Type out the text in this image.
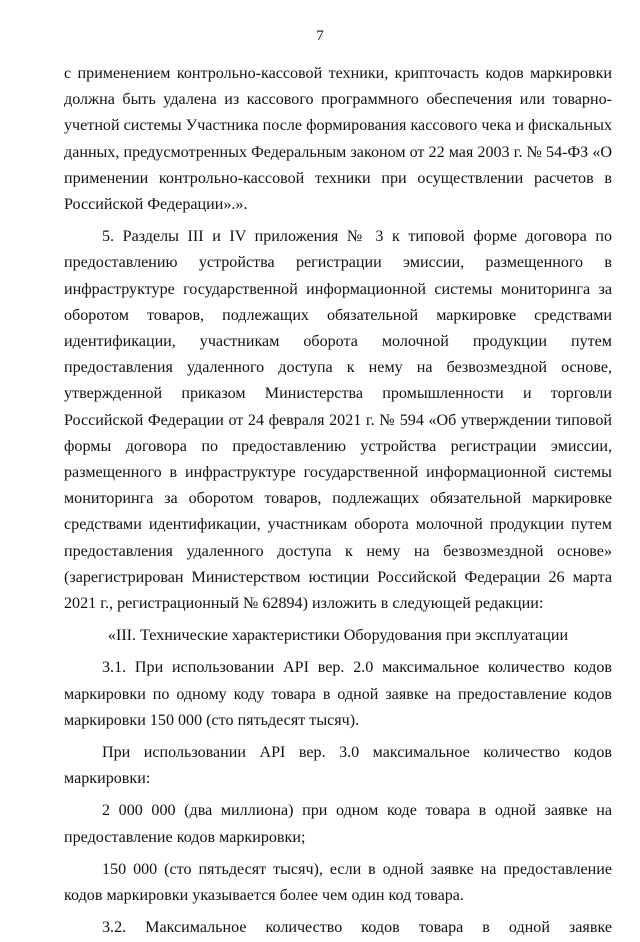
7

с применением контрольно-кассовой техники, крипточасть кодов маркировки должна быть удалена из кассового программного обеспечения или товарно-учетной системы Участника после формирования кассового чека и фискальных данных, предусмотренных Федеральным законом от 22 мая 2003 г. № 54-ФЗ «О применении контрольно-кассовой техники при осуществлении расчетов в Российской Федерации».».

5. Разделы III и IV приложения № 3 к типовой форме договора по предоставлению устройства регистрации эмиссии, размещенного в инфраструктуре государственной информационной системы мониторинга за оборотом товаров, подлежащих обязательной маркировке средствами идентификации, участникам оборота молочной продукции путем предоставления удаленного доступа к нему на безвозмездной основе, утвержденной приказом Министерства промышленности и торговли Российской Федерации от 24 февраля 2021 г. № 594 «Об утверждении типовой формы договора по предоставлению устройства регистрации эмиссии, размещенного в инфраструктуре государственной информационной системы мониторинга за оборотом товаров, подлежащих обязательной маркировке средствами идентификации, участникам оборота молочной продукции путем предоставления удаленного доступа к нему на безвозмездной основе» (зарегистрирован Министерством юстиции Российской Федерации 26 марта 2021 г., регистрационный № 62894) изложить в следующей редакции:

«III. Технические характеристики Оборудования при эксплуатации

3.1. При использовании API вер. 2.0 максимальное количество кодов маркировки по одному коду товара в одной заявке на предоставление кодов маркировки 150 000 (сто пятьдесят тысяч).

При использовании API вер. 3.0 максимальное количество кодов маркировки:

2 000 000 (два миллиона) при одном коде товара в одной заявке на предоставление кодов маркировки;

150 000 (сто пятьдесят тысяч), если в одной заявке на предоставление кодов маркировки указывается более чем один код товара.

3.2. Максимальное количество кодов товара в одной заявке
